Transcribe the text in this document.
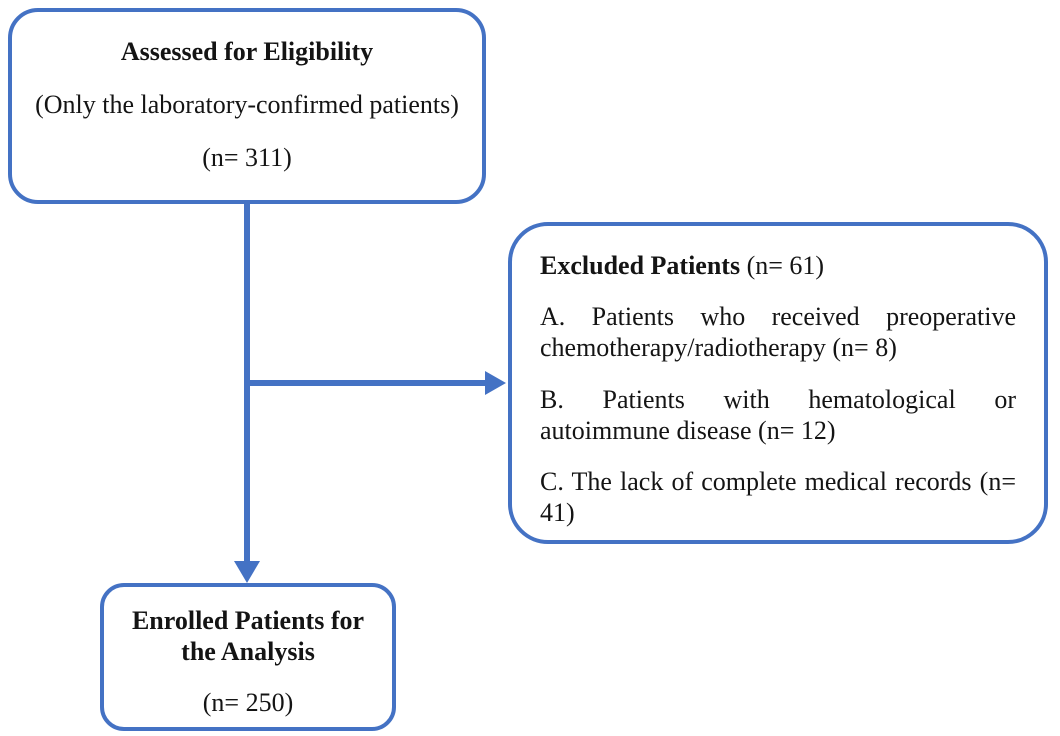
Assessed for Eligibility
(Only the laboratory-confirmed patients)
(n= 311)

Excluded Patients (n= 61)

A. Patients who received preoperative chemotherapy/radiotherapy (n= 8)

B. Patients with hematological or autoimmune disease (n= 12)

C. The lack of complete medical records (n= 41)

Enrolled Patients for the Analysis
(n= 250)
